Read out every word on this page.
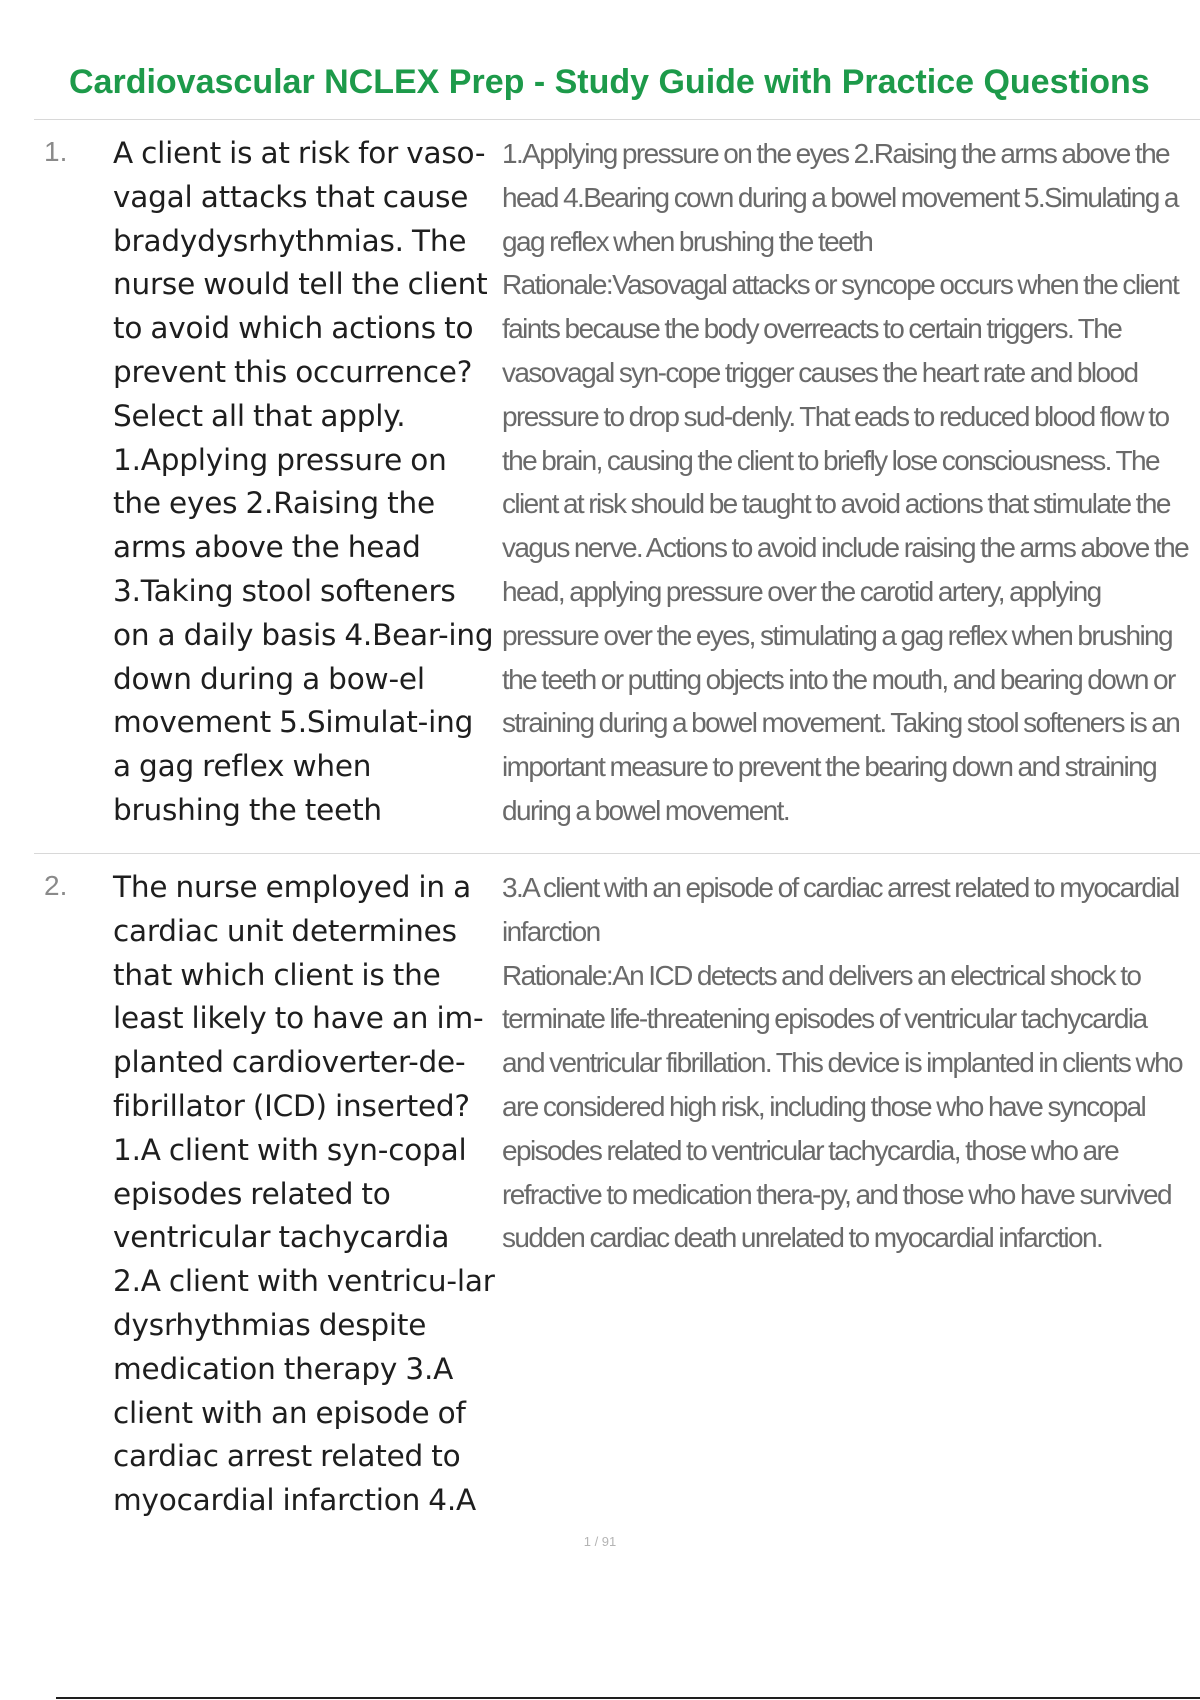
Cardiovascular NCLEX Prep - Study Guide with Practice Questions
1. A client is at risk for vaso-vagal attacks that cause bradydysrhythmias. The nurse would tell the client to avoid which actions to prevent this occurrence? Select all that apply. 1.Applying pressure on the eyes 2.Raising the arms above the head 3.Taking stool softeners on a daily basis 4.Bear-ing down during a bow-el movement 5.Simulat-ing a gag reflex when brushing the teeth

1.Applying pressure on the eyes 2.Raising the arms above the head 4.Bearing cown during a bowel movement 5.Simulating a gag reflex when brushing the teeth
Rationale:Vasovagal attacks or syncope occurs when the client faints because the body overreacts to certain triggers. The vasovagal syn-cope trigger causes the heart rate and blood pressure to drop sud-denly. That eads to reduced blood flow to the brain, causing the client to briefly lose consciousness. The client at risk should be taught to avoid actions that stimulate the vagus nerve. Actions to avoid include raising the arms above the head, applying pressure over the carotid artery, applying pressure over the eyes, stimulating a gag reflex when brushing the teeth or putting objects into the mouth, and bearing down or straining during a bowel movement. Taking stool softeners is an important measure to prevent the bearing down and straining during a bowel movement.
2. The nurse employed in a cardiac unit determines that which client is the least likely to have an im-planted cardioverter-de-fibrillator (ICD) inserted? 1.A client with syn-copal episodes related to ventricular tachycardia 2.A client with ventricu-lar dysrhythmias despite medication therapy 3.A client with an episode of cardiac arrest related to myocardial infarction 4.A

3.A client with an episode of cardiac arrest related to myocardial infarction
Rationale:An ICD detects and delivers an electrical shock to terminate life-threatening episodes of ventricular tachycardia and ventricular fibrillation. This device is implanted in clients who are considered high risk, including those who have syncopal episodes related to ventricular tachycardia, those who are refractive to medication thera-py, and those who have survived sudden cardiac death unrelated to myocardial infarction.
1 / 91
